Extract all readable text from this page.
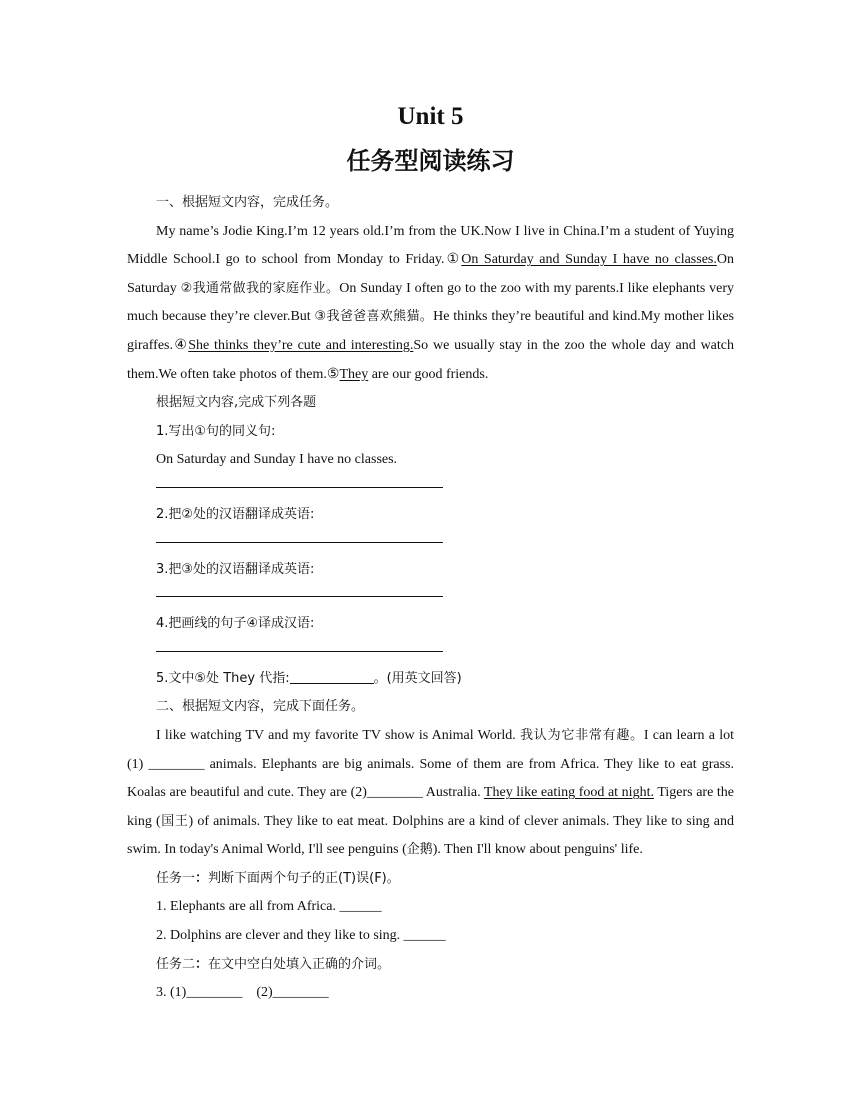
Unit 5
任务型阅读练习

一、根据短文内容，完成任务。

My name’s Jodie King.I’m 12 years old.I’m from the UK.Now I live in China.I’m a student of Yuying Middle School.I go to school from Monday to Friday.①On Saturday and Sunday I have no classes.On Saturday ②我通常做我的家庭作业。On Sunday I often go to the zoo with my parents.I like elephants very much because they’re clever.But ③我爸爸喜欢熊猫。He thinks they’re beautiful and kind.My mother likes giraffes.④She thinks they’re cute and interesting.So we usually stay in the zoo the whole day and watch them.We often take photos of them.⑤They are our good friends.

根据短文内容,完成下列各题

1.写出①句的同义句:

On Saturday and Sunday I have no classes.

2.把②处的汉语翻译成英语:

3.把③处的汉语翻译成英语:

4.把画线的句子④译成汉语:

5.文中⑤处 They 代指:	。(用英文回答)

二、根据短文内容，完成下面任务。

I like watching TV and my favorite TV show is Animal World. 我认为它非常有趣。I can learn a lot (1) ________ animals. Elephants are big animals. Some of them are from Africa. They like to eat grass. Koalas are beautiful and cute. They are (2)________ Australia. They like eating food at night. Tigers are the king (国王) of animals. They like to eat meat. Dolphins are a kind of clever animals. They like to sing and swim. In today's Animal World, I'll see penguins (企鹅). Then I'll know about penguins' life.

任务一：判断下面两个句子的正(T)误(F)。

1. Elephants are all from Africa. ______

2. Dolphins are clever and they like to sing. ______

任务二：在文中空白处填入正确的介词。

3. (1)________    (2)________
